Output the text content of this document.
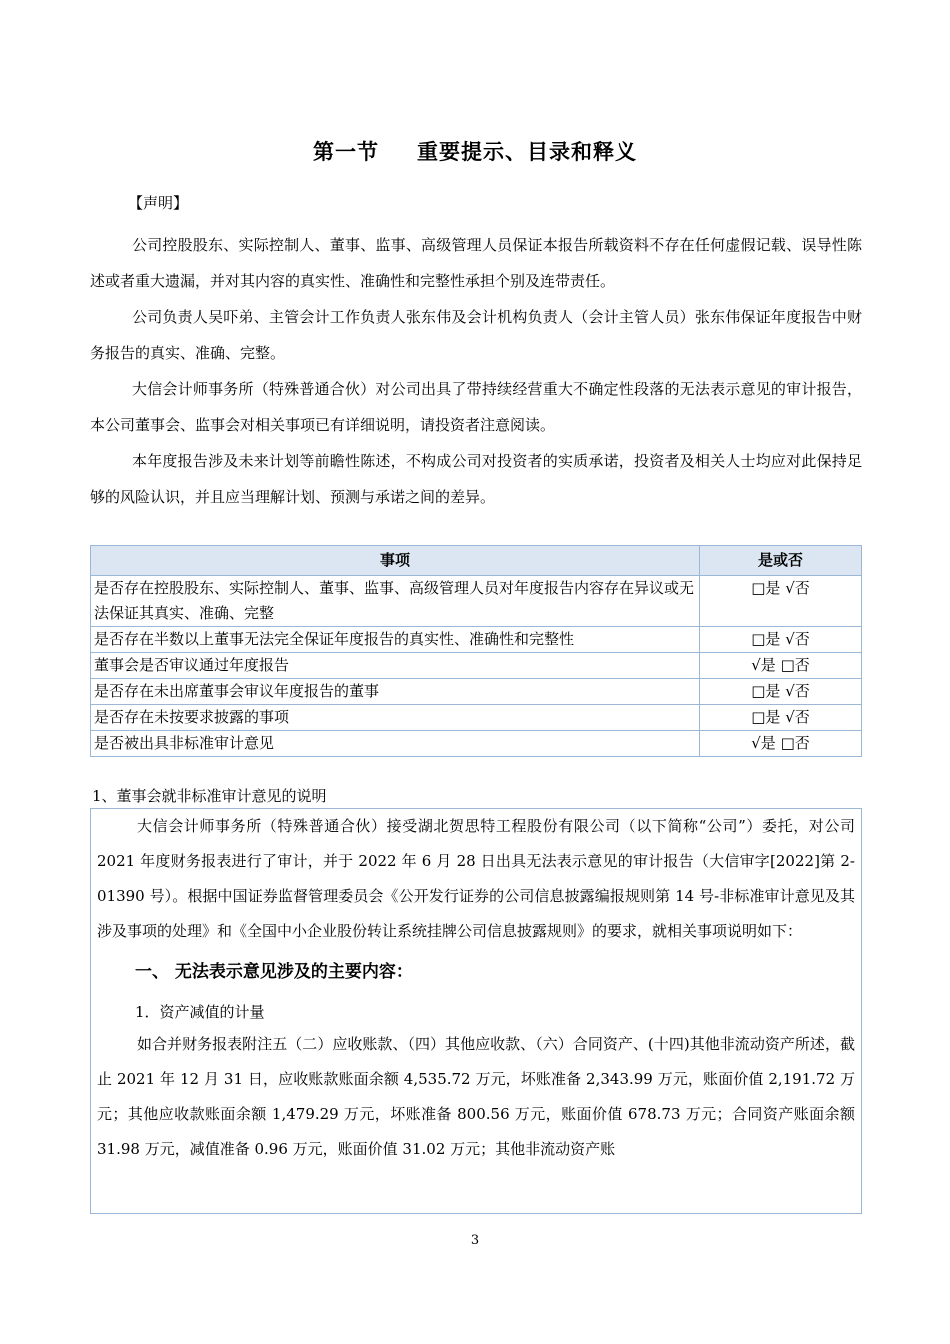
第一节 重要提示、目录和释义
【声明】
公司控股股东、实际控制人、董事、监事、高级管理人员保证本报告所载资料不存在任何虚假记载、误导性陈述或者重大遗漏，并对其内容的真实性、准确性和完整性承担个别及连带责任。
公司负责人吴吓弟、主管会计工作负责人张东伟及会计机构负责人（会计主管人员）张东伟保证年度报告中财务报告的真实、准确、完整。
大信会计师事务所（特殊普通合伙）对公司出具了带持续经营重大不确定性段落的无法表示意见的审计报告，本公司董事会、监事会对相关事项已有详细说明，请投资者注意阅读。
本年度报告涉及未来计划等前瞻性陈述，不构成公司对投资者的实质承诺，投资者及相关人士均应对此保持足够的风险认识，并且应当理解计划、预测与承诺之间的差异。
事项	是或否
是否存在控股股东、实际控制人、董事、监事、高级管理人员对年度报告内容存在异议或无法保证其真实、准确、完整	□是 √否
是否存在半数以上董事无法完全保证年度报告的真实性、准确性和完整性	□是 √否
董事会是否审议通过年度报告	√是 □否
是否存在未出席董事会审议年度报告的董事	□是 √否
是否存在未按要求披露的事项	□是 √否
是否被出具非标准审计意见	√是 □否
1、董事会就非标准审计意见的说明

大信会计师事务所（特殊普通合伙）接受湖北贺思特工程股份有限公司（以下简称“公司”）委托，对公司 2021 年度财务报表进行了审计，并于 2022 年 6 月 28 日出具无法表示意见的审计报告（大信审字[2022]第 2-01390 号）。根据中国证券监督管理委员会《公开发行证券的公司信息披露编报规则第 14 号-非标准审计意见及其涉及事项的处理》和《全国中小企业股份转让系统挂牌公司信息披露规则》的要求，就相关事项说明如下：

一、 无法表示意见涉及的主要内容：
1．资产减值的计量

如合并财务报表附注五（二）应收账款、（四）其他应收款、（六）合同资产、(十四)其他非流动资产所述，截止 2021 年 12 月 31 日，应收账款账面余额 4,535.72 万元，坏账准备 2,343.99 万元，账面价值 2,191.72 万元；其他应收款账面余额 1,479.29 万元，坏账准备 800.56 万元，账面价值 678.73 万元；合同资产账面余额 31.98 万元，减值准备 0.96 万元，账面价值 31.02 万元；其他非流动资产账

3
